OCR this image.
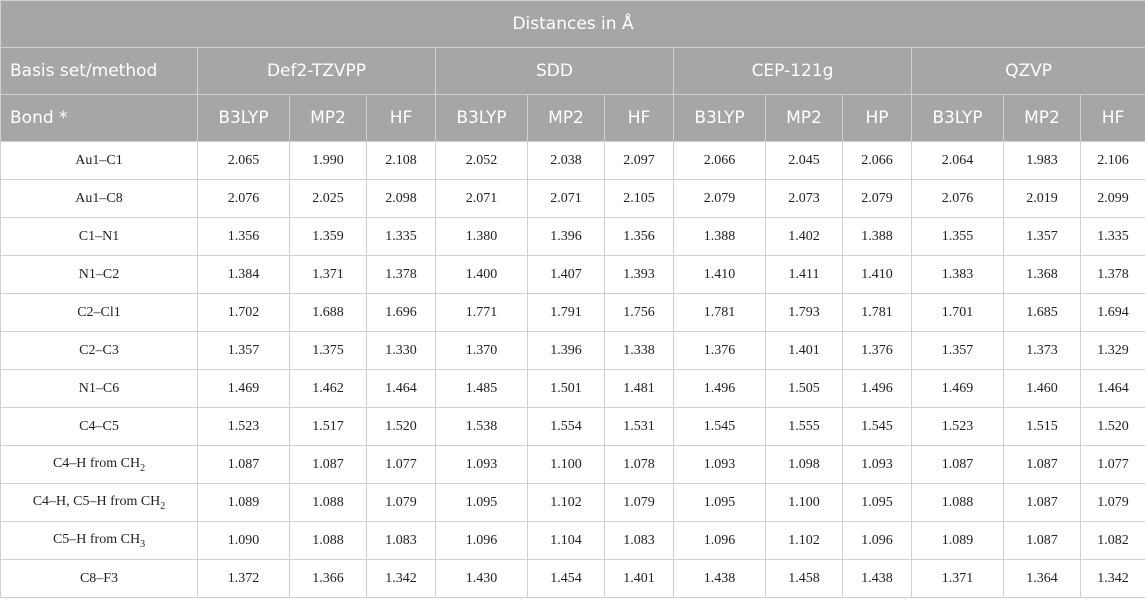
Distances in Å												
Basis set/method	Def2-TZVPP			SDD			CEP-121g			QZVP		
Bond *	B3LYP	MP2	HF	B3LYP	MP2	HF	B3LYP	MP2	HP	B3LYP	MP2	HF
Au1–C1	2.065	1.990	2.108	2.052	2.038	2.097	2.066	2.045	2.066	2.064	1.983	2.106
Au1–C8	2.076	2.025	2.098	2.071	2.071	2.105	2.079	2.073	2.079	2.076	2.019	2.099
C1–N1	1.356	1.359	1.335	1.380	1.396	1.356	1.388	1.402	1.388	1.355	1.357	1.335
N1–C2	1.384	1.371	1.378	1.400	1.407	1.393	1.410	1.411	1.410	1.383	1.368	1.378
C2–Cl1	1.702	1.688	1.696	1.771	1.791	1.756	1.781	1.793	1.781	1.701	1.685	1.694
C2–C3	1.357	1.375	1.330	1.370	1.396	1.338	1.376	1.401	1.376	1.357	1.373	1.329
N1–C6	1.469	1.462	1.464	1.485	1.501	1.481	1.496	1.505	1.496	1.469	1.460	1.464
C4–C5	1.523	1.517	1.520	1.538	1.554	1.531	1.545	1.555	1.545	1.523	1.515	1.520
C4–H from $CH_2$	1.087	1.087	1.077	1.093	1.100	1.078	1.093	1.098	1.093	1.087	1.087	1.077
C4–H, C5–H from $CH_2$	1.089	1.088	1.079	1.095	1.102	1.079	1.095	1.100	1.095	1.088	1.087	1.079
C5–H from $CH_3$	1.090	1.088	1.083	1.096	1.104	1.083	1.096	1.102	1.096	1.089	1.087	1.082
C8–F3	1.372	1.366	1.342	1.430	1.454	1.401	1.438	1.458	1.438	1.371	1.364	1.342
